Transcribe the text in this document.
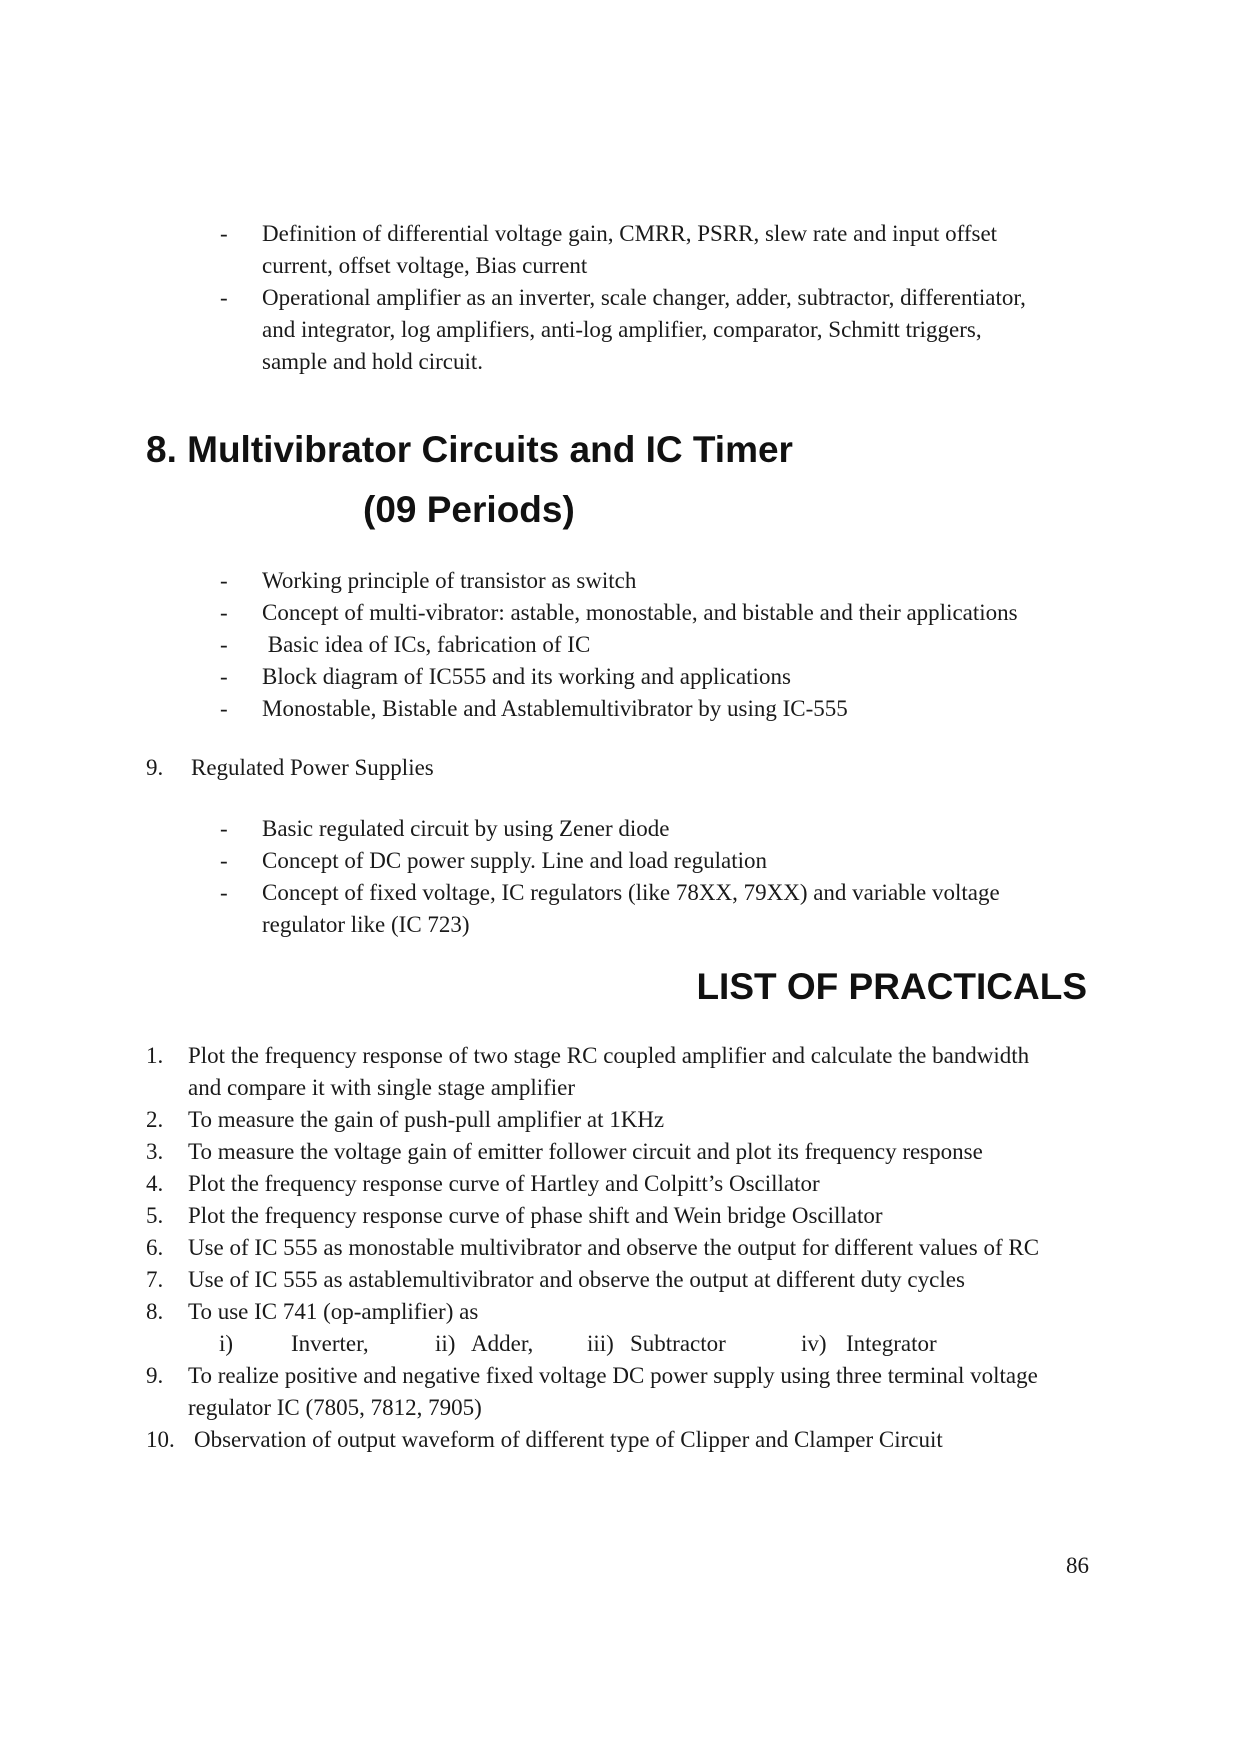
-	Definition of differential voltage gain, CMRR, PSRR, slew rate and input offset
current, offset voltage, Bias current
-	Operational amplifier as an inverter, scale changer, adder, subtractor, differentiator,
and integrator, log amplifiers, anti-log amplifier, comparator, Schmitt triggers,
sample and hold circuit.
8. Multivibrator Circuits and IC Timer
(09 Periods)
-	Working principle of transistor as switch
-	Concept of multi-vibrator: astable, monostable, and bistable and their applications
-	Basic idea of ICs, fabrication of IC
-	Block diagram of IC555 and its working and applications
-	Monostable, Bistable and Astablemultivibrator by using IC-555
9. Regulated Power Supplies
-	Basic regulated circuit by using Zener diode
-	Concept of DC power supply. Line and load regulation
-	Concept of fixed voltage, IC regulators (like 78XX, 79XX) and variable voltage
regulator like (IC 723)
LIST OF PRACTICALS
1.	Plot the frequency response of two stage RC coupled amplifier and calculate the bandwidth
and compare it with single stage amplifier
2.	To measure the gain of push-pull amplifier at 1KHz
3.	To measure the voltage gain of emitter follower circuit and plot its frequency response
4.	Plot the frequency response curve of Hartley and Colpitt’s Oscillator
5.	Plot the frequency response curve of phase shift and Wein bridge Oscillator
6.	Use of IC 555 as monostable multivibrator and observe the output for different values of RC
7.	Use of IC 555 as astablemultivibrator and observe the output at different duty cycles
8.	To use IC 741 (op-amplifier) as
i)	Inverter,	ii) Adder, iii) Subtractor	iv) Integrator
9.	To realize positive and negative fixed voltage DC power supply using three terminal voltage
regulator IC (7805, 7812, 7905)
10. Observation of output waveform of different type of Clipper and Clamper Circuit
86
